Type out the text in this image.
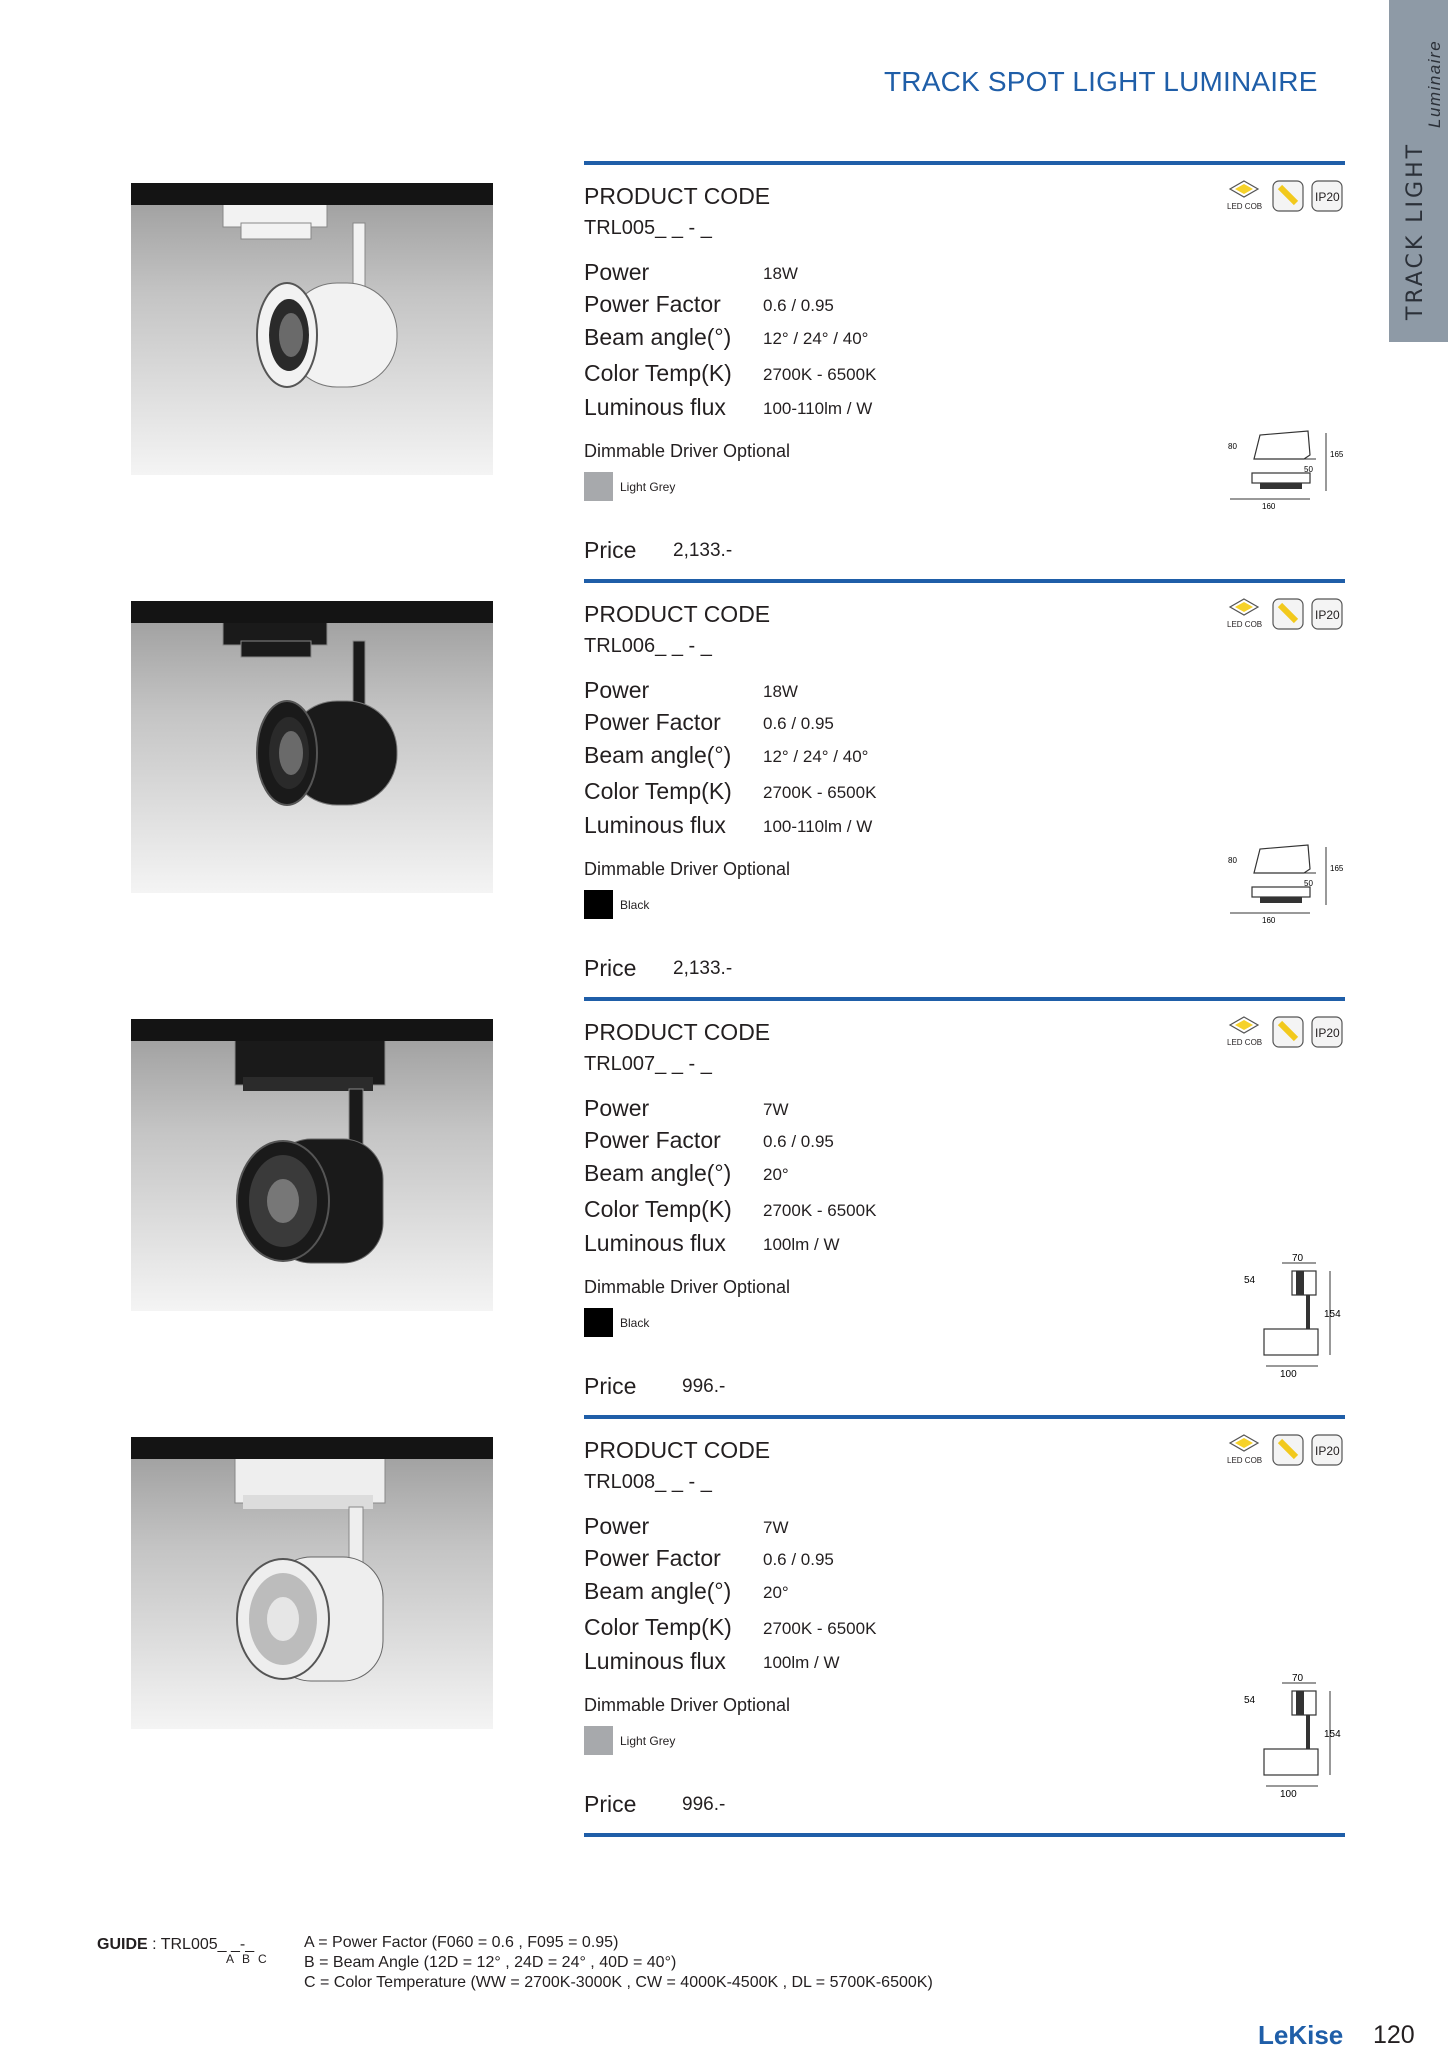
TRACK SPOT LIGHT LUMINAIRE
TRACK LIGHT
Luminaire
LED COB
IP20
PRODUCT CODE
TRL005_ _ - _
Power	18W
Power Factor 0.6 / 0.95
Beam angle(°) 12° / 24° / 40°
Color Temp(K) 2700K - 6500K
Luminous flux 100-110lm / W
Dimmable Driver Optional
Light Grey
Price 2,133.-
80
50
165
160
LED COB
IP20
PRODUCT CODE
TRL006_ _ - _
Power	18W
Power Factor 0.6 / 0.95
Beam angle(°) 12° / 24° / 40°
Color Temp(K) 2700K - 6500K
Luminous flux 100-110lm / W
Dimmable Driver Optional
Black
Price 2,133.-
80
50
165
160
LED COB
IP20
PRODUCT CODE
TRL007_ _ - _
Power	7W
Power Factor 0.6 / 0.95
Beam angle(°) 20°
Color Temp(K) 2700K - 6500K
Luminous flux 100lm / W
Dimmable Driver Optional
Black
Price 996.-
70
54
154
100
LED COB
IP20
PRODUCT CODE
TRL008_ _ - _
Power	7W
Power Factor 0.6 / 0.95
Beam angle(°) 20°
Color Temp(K) 2700K - 6500K
Luminous flux 100lm / W
Dimmable Driver Optional
Light Grey
Price 996.-
70
54
154
100
GUIDE : TRL005_ _-_
ABC
A = Power Factor (F060 = 0.6 , F095 = 0.95)
B = Beam Angle (12D = 12° , 24D = 24° , 40D = 40°)
C = Color Temperature (WW = 2700K-3000K , CW = 4000K-4500K , DL = 5700K-6500K)
LeKise 120
